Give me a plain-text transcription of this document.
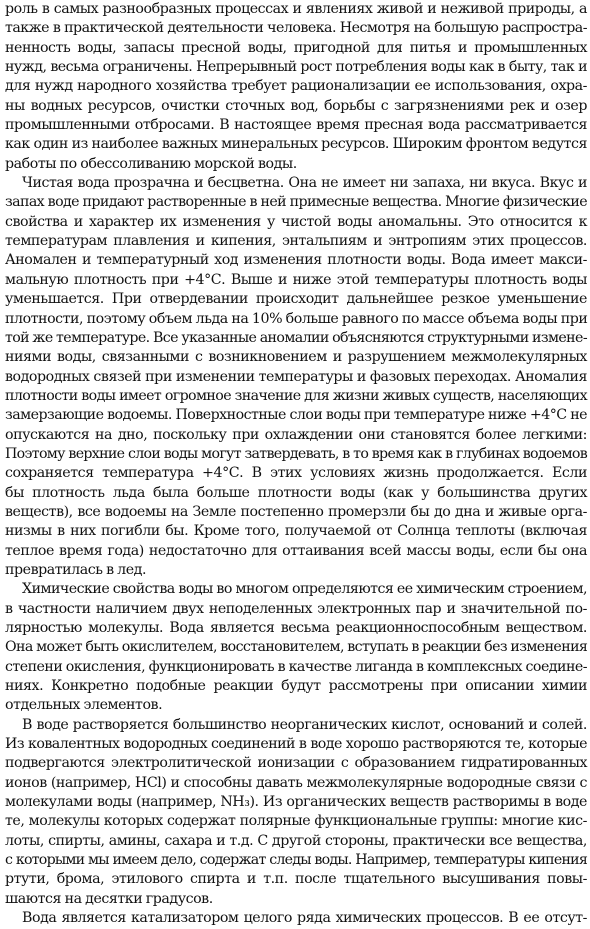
роль в самых разнообразных процессах и явлениях живой и неживой природы, а
также в практической деятельности человека. Несмотря на большую распростра-
ненность воды, запасы пресной воды, пригодной для питья и промышленных
нужд, весьма ограничены. Непрерывный рост потребления воды как в быту, так и
для нужд народного хозяйства требует рационализации ее использования, охра-
ны водных ресурсов, очистки сточных вод, борьбы с загрязнениями рек и озер
промышленными отбросами. В настоящее время пресная вода рассматривается
как один из наиболее важных минеральных ресурсов. Широким фронтом ведутся
работы по обессоливанию морской воды.
Чистая вода прозрачна и бесцветна. Она не имеет ни запаха, ни вкуса. Вкус и
запах воде придают растворенные в ней примесные вещества. Многие физические
свойства и характер их изменения у чистой воды аномальны. Это относится к
температурам плавления и кипения, энтальпиям и энтропиям этих процессов.
Аномален и температурный ход изменения плотности воды. Вода имеет макси-
мальную плотность при +4°С. Выше и ниже этой температуры плотность воды
уменьшается. При отвердевании происходит дальнейшее резкое уменьшение
плотности, поэтому объем льда на 10% больше равного по массе объема воды при
той же температуре. Все указанные аномалии объясняются структурными измене-
ниями воды, связанными с возникновением и разрушением межмолекулярных
водородных связей при изменении температуры и фазовых переходах. Аномалия
плотности воды имеет огромное значение для жизни живых существ, населяющих
замерзающие водоемы. Поверхностные слои воды при температуре ниже +4°С не
опускаются на дно, поскольку при охлаждении они становятся более легкими:
Поэтому верхние слои воды могут затвердевать, в то время как в глубинах водоемов
сохраняется температура +4°С. В этих условиях жизнь продолжается. Если
бы плотность льда была больше плотности воды (как у большинства других
веществ), все водоемы на Земле постепенно промерзли бы до дна и живые орга-
низмы в них погибли бы. Кроме того, получаемой от Солнца теплоты (включая
теплое время года) недостаточно для оттаивания всей массы воды, если бы она
превратилась в лед.
Химические свойства воды во многом определяются ее химическим строением,
в частности наличием двух неподеленных электронных пар и значительной по-
лярностью молекулы. Вода является весьма реакционноспособным веществом.
Она может быть окислителем, восстановителем, вступать в реакции без изменения
степени окисления, функционировать в качестве лиганда в комплексных соедине-
ниях. Конкретно подобные реакции будут рассмотрены при описании химии
отдельных элементов.
В воде растворяется большинство неорганических кислот, оснований и солей.
Из ковалентных водородных соединений в воде хорошо растворяются те, которые
подвергаются электролитической ионизации с образованием гидратированных
ионов (например, HCl) и способны давать межмолекулярные водородные связи с
молекулами воды (например, NH₃). Из органических веществ растворимы в воде
те, молекулы которых содержат полярные функциональные группы: многие кис-
лоты, спирты, амины, сахара и т.д. С другой стороны, практически все вещества,
с которыми мы имеем дело, содержат следы воды. Например, температуры кипения
ртути, брома, этилового спирта и т.п. после тщательного высушивания повы-
шаются на десятки градусов.
Вода является катализатором целого ряда химических процессов. В ее отсут-
